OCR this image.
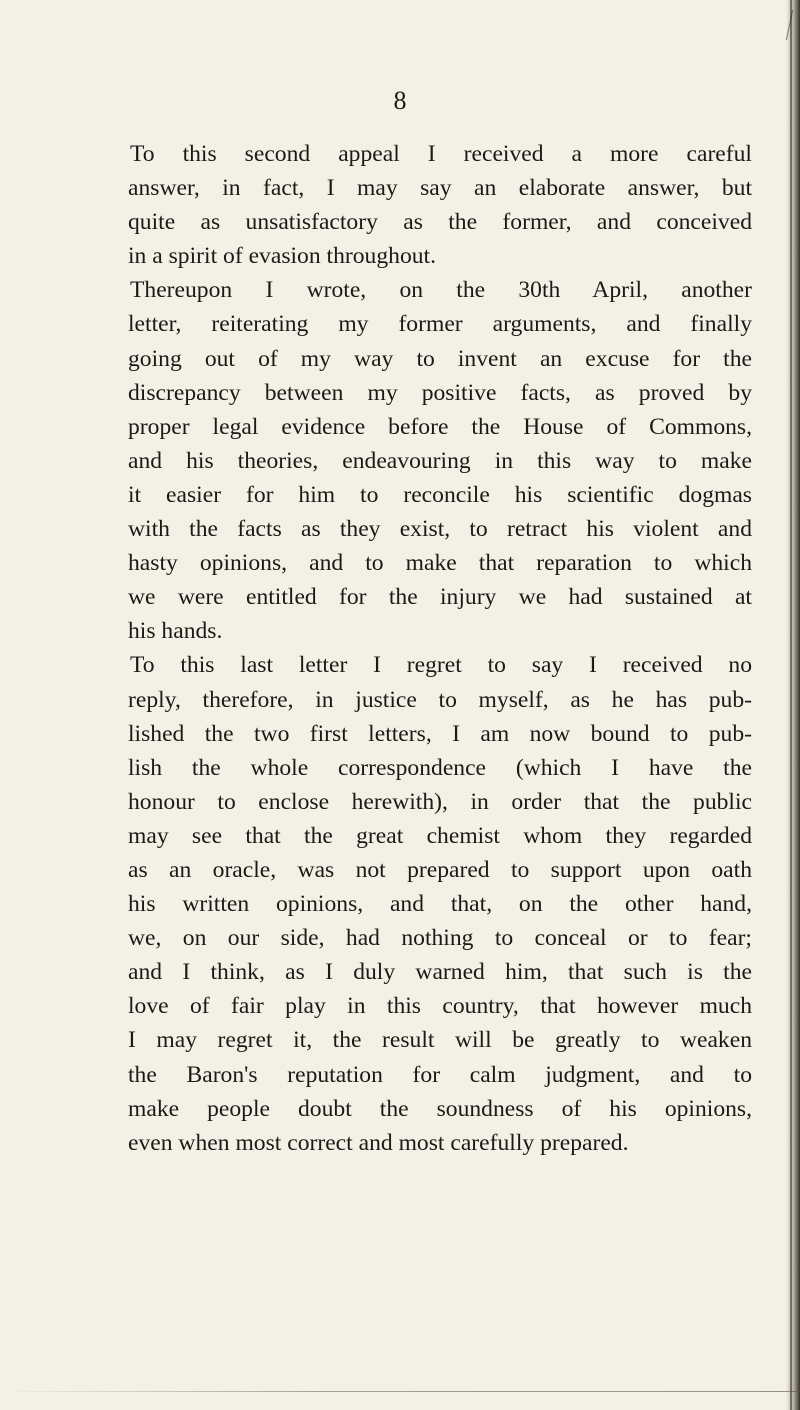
8
To this second appeal I received a more careful
answer, in fact, I may say an elaborate answer, but
quite as unsatisfactory as the former, and conceived
in a spirit of evasion throughout.
Thereupon I wrote, on the 30th April, another
letter, reiterating my former arguments, and finally
going out of my way to invent an excuse for the
discrepancy between my positive facts, as proved by
proper legal evidence before the House of Commons,
and his theories, endeavouring in this way to make
it easier for him to reconcile his scientific dogmas
with the facts as they exist, to retract his violent and
hasty opinions, and to make that reparation to which
we were entitled for the injury we had sustained at
his hands.
To this last letter I regret to say I received no
reply, therefore, in justice to myself, as he has pub-
lished the two first letters, I am now bound to pub-
lish the whole correspondence (which I have the
honour to enclose herewith), in order that the public
may see that the great chemist whom they regarded
as an oracle, was not prepared to support upon oath
his written opinions, and that, on the other hand,
we, on our side, had nothing to conceal or to fear;
and I think, as I duly warned him, that such is the
love of fair play in this country, that however much
I may regret it, the result will be greatly to weaken
the Baron's reputation for calm judgment, and to
make people doubt the soundness of his opinions,
even when most correct and most carefully prepared.
